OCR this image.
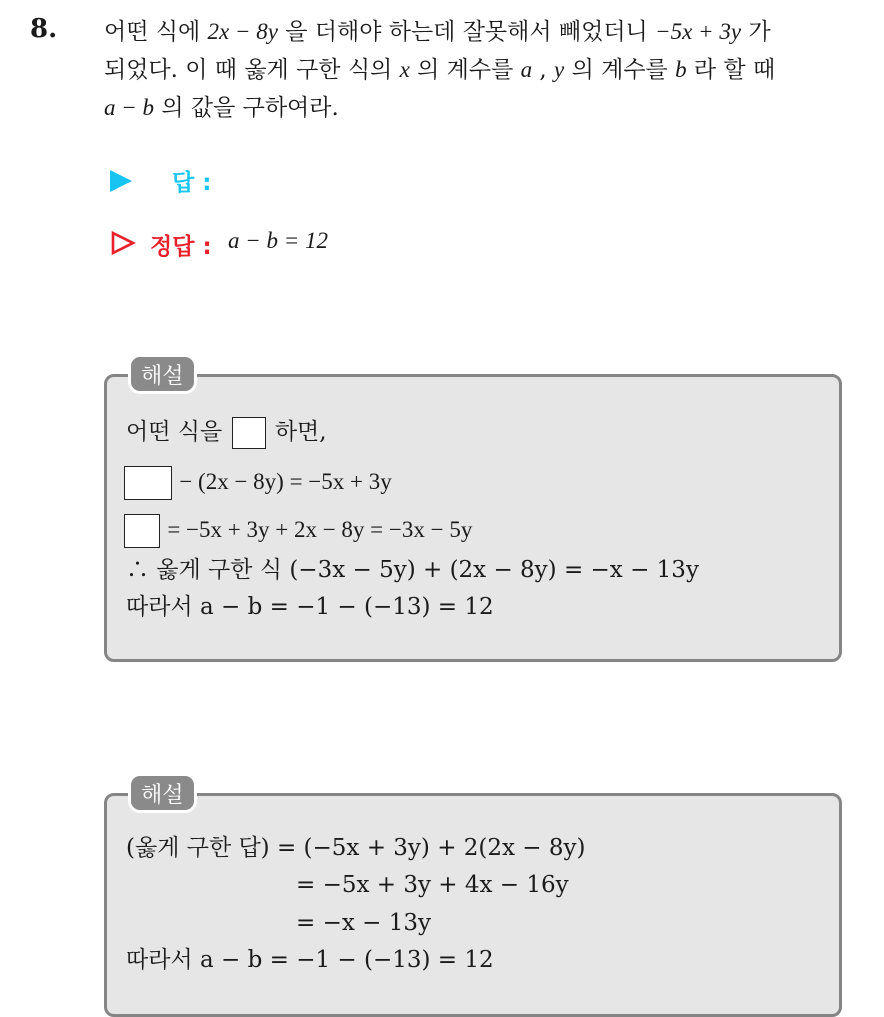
8. 어떤 식에 2x − 8y 을 더해야 하는데 잘못해서 빼었더니 −5x + 3y 가
되었다. 이 때 옳게 구한 식의 x 의 계수를 a , y 의 계수를 b 라 할 때
a − b 의 값을 구하여라.
답 :
정답 : a − b = 12
해설
어떤 식을 하면,
− (2x − 8y) = −5x + 3y
= −5x + 3y + 2x − 8y = −3x − 5y
∴ 옳게 구한 식 (−3x − 5y) + (2x − 8y) = −x − 13y
따라서 a − b = −1 − (−13) = 12
해설
(옳게 구한 답) = (−5x + 3y) + 2(2x − 8y)
= −5x + 3y + 4x − 16y
= −x − 13y
따라서 a − b = −1 − (−13) = 12
